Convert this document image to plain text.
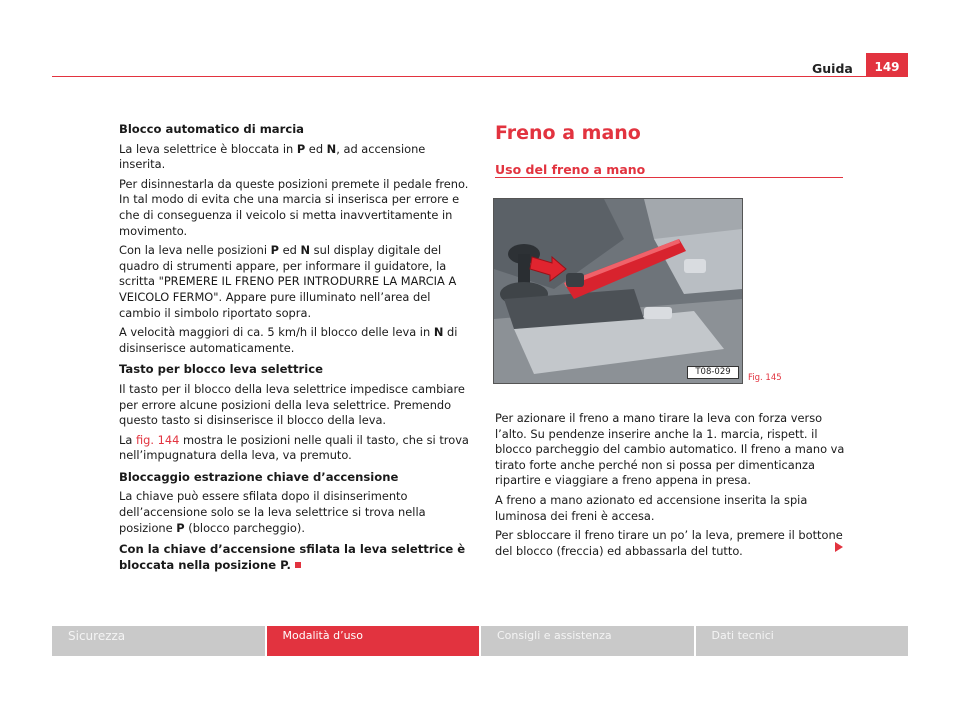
Guida	149
Blocco automatico di marcia

La leva selettrice è bloccata in P ed N, ad accensione inserita.

Per disinnestarla da queste posizioni premete il pedale freno. In tal modo di evita che una marcia si inserisca per errore e che di conseguenza il veicolo si metta inavvertitamente in movimento.

Con la leva nelle posizioni P ed N sul display digitale del quadro di strumenti appare, per informare il guidatore, la scritta "PREMERE IL FRENO PER INTRODURRE LA MARCIA A VEICOLO FERMO". Appare pure illuminato nell’area del cambio il simbolo riportato sopra.

A velocità maggiori di ca. 5 km/h il blocco delle leva in N di disinserisce automaticamente.

Tasto per blocco leva selettrice

Il tasto per il blocco della leva selettrice impedisce cambiare per errore alcune posizioni della leva selettrice. Premendo questo tasto si disinserisce il blocco della leva.

La fig. 144 mostra le posizioni nelle quali il tasto, che si trova nell’impugnatura della leva, va premuto.

Bloccaggio estrazione chiave d’accensione

La chiave può essere sfilata dopo il disinserimento dell’accensione solo se la leva selettrice si trova nella posizione P (blocco parcheggio).

Con la chiave d’accensione sfilata la leva selettrice è bloccata nella posizione P.
Freno a mano
Uso del freno a mano
T08-029
Fig. 145

Per azionare il freno a mano tirare la leva con forza verso l’alto. Su pendenze inserire anche la 1. marcia, rispett. il blocco parcheggio del cambio automatico. Il freno a mano va tirato forte anche perché non si possa per dimenticanza ripartire e viaggiare a freno appena in presa.

A freno a mano azionato ed accensione inserita la spia luminosa dei freni è accesa.

Per sbloccare il freno tirare un po’ la leva, premere il bottone del blocco (freccia) ed abbassarla del tutto.

Sicurezza	Modalità d’uso	Consigli e assistenza	Dati tecnici
